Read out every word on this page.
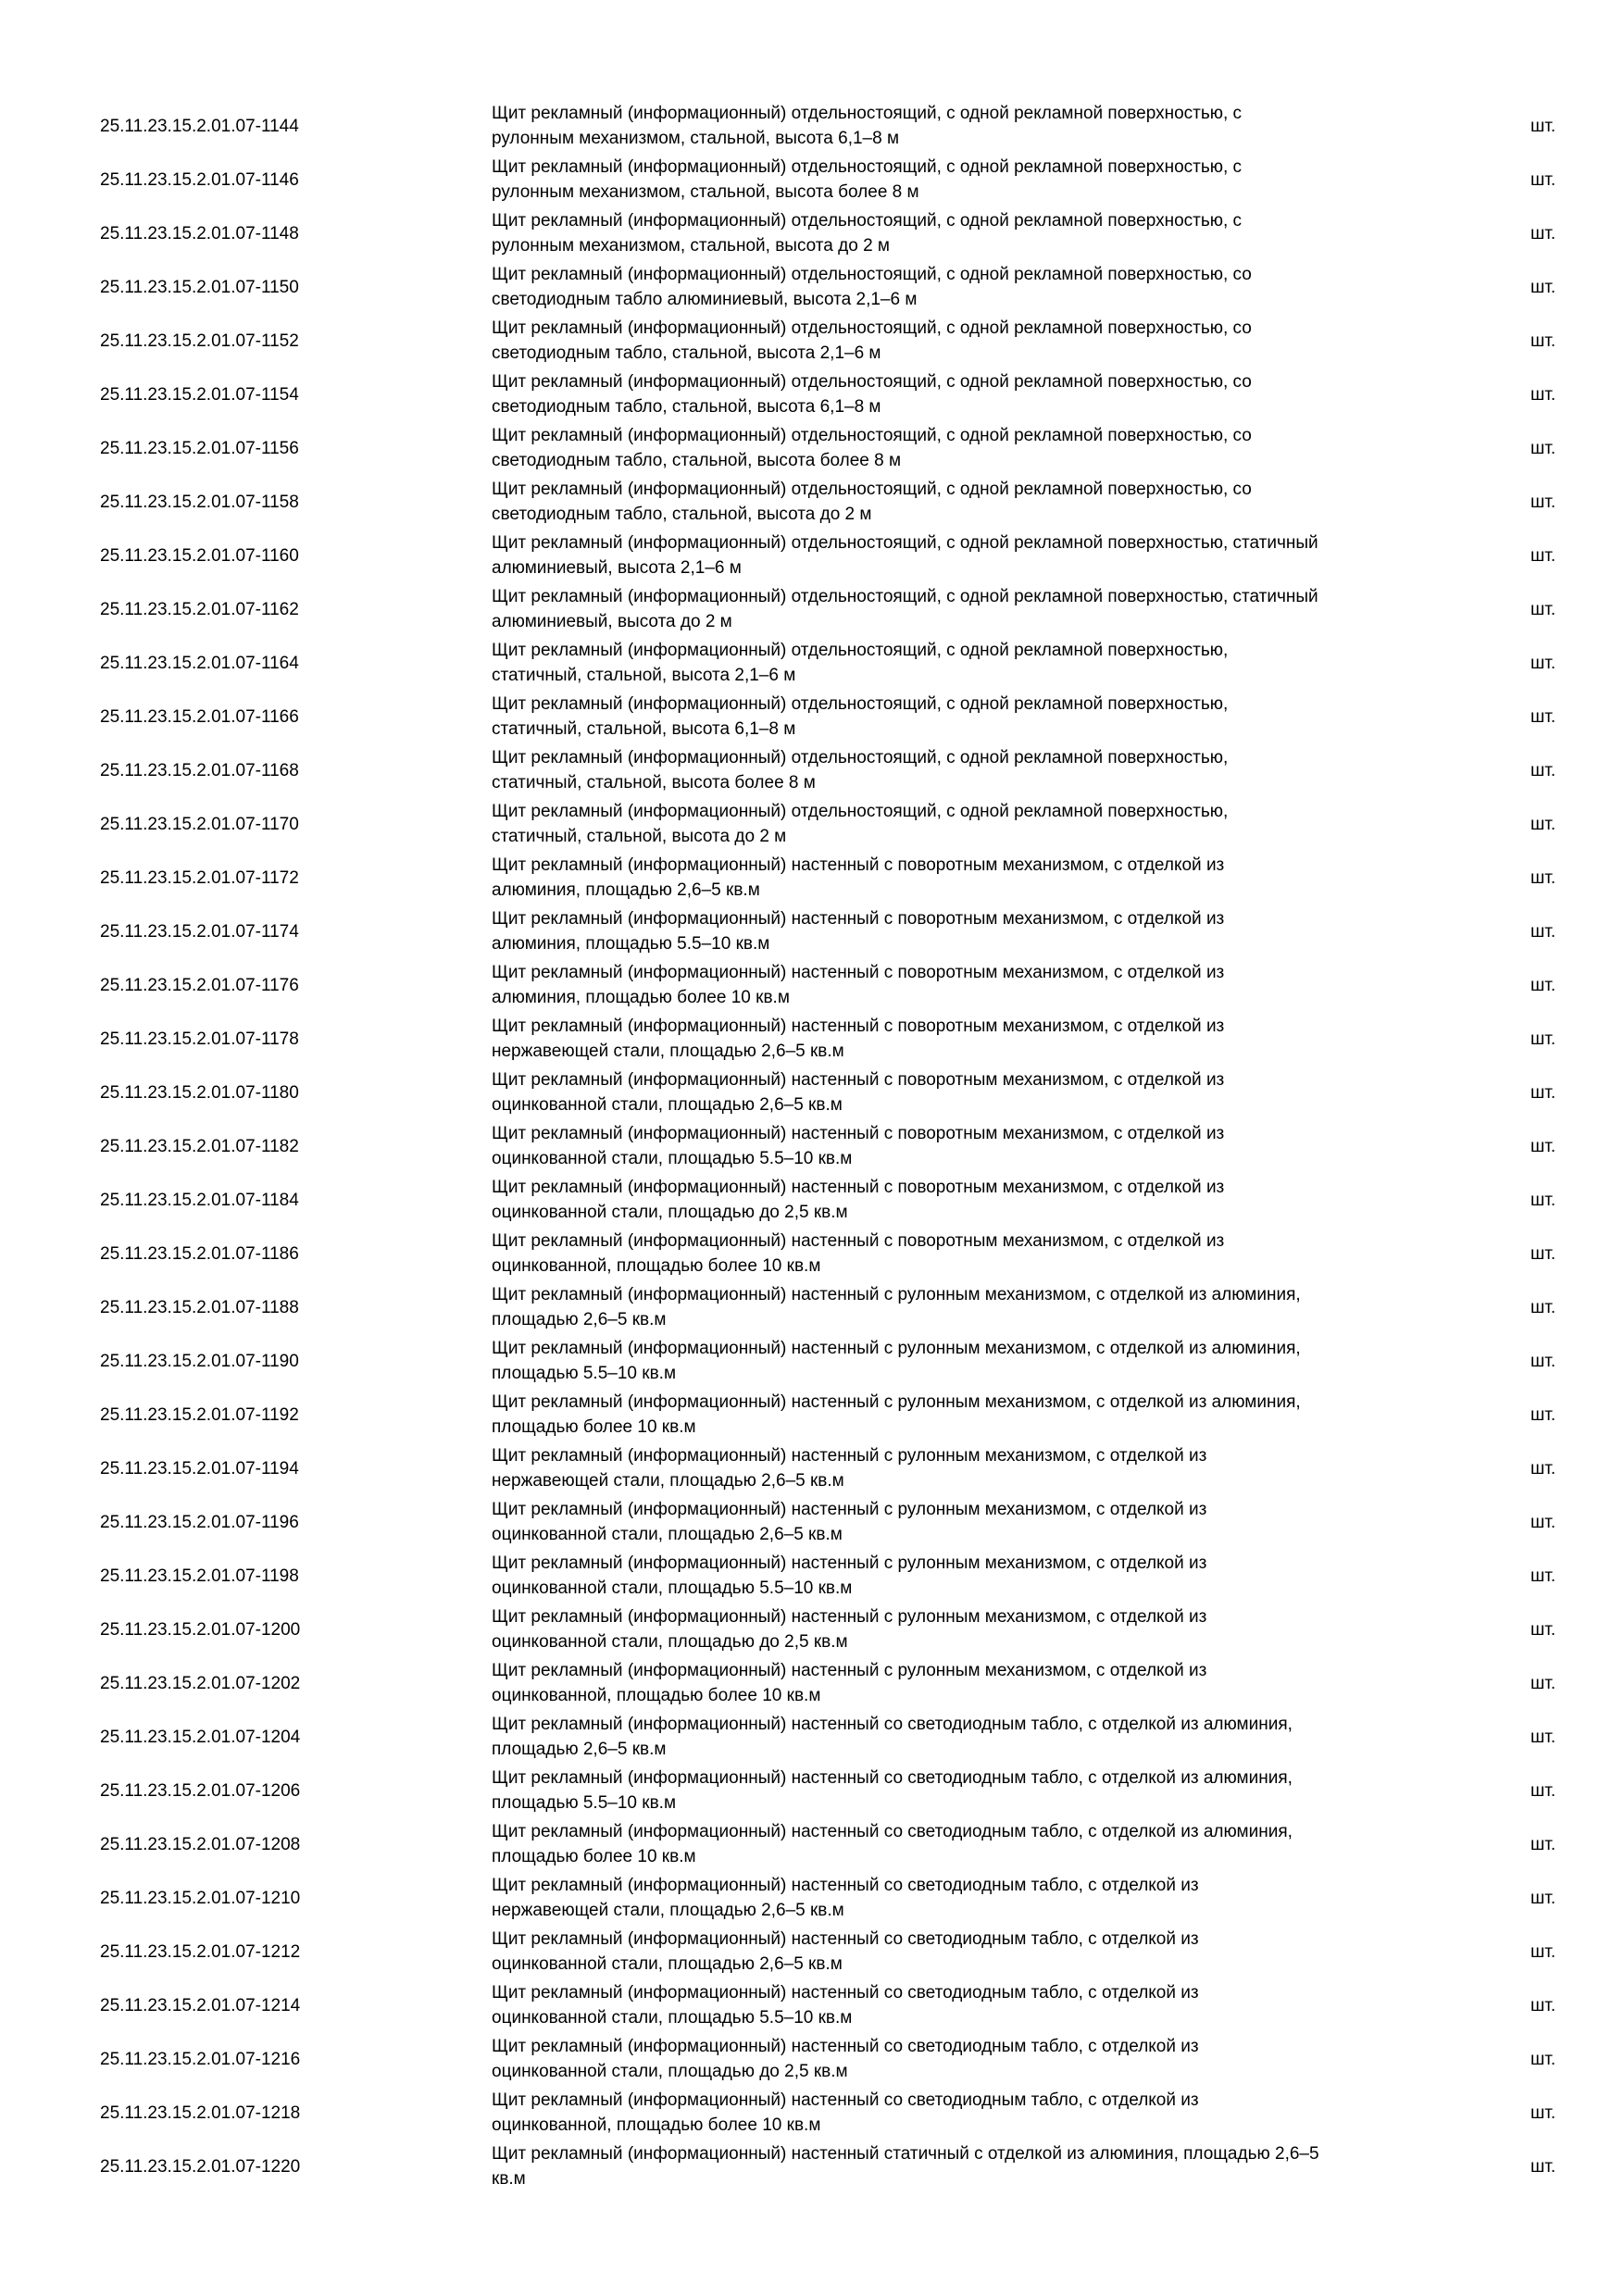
25.11.23.15.2.01.07-1144
Щит рекламный (информационный) отдельностоящий, с одной рекламной поверхностью, с
рулонным механизмом, стальной, высота 6,1–8 м
шт.
25.11.23.15.2.01.07-1146
Щит рекламный (информационный) отдельностоящий, с одной рекламной поверхностью, с
рулонным механизмом, стальной, высота более 8 м
шт.
25.11.23.15.2.01.07-1148
Щит рекламный (информационный) отдельностоящий, с одной рекламной поверхностью, с
рулонным механизмом, стальной, высота до 2 м
шт.
25.11.23.15.2.01.07-1150
Щит рекламный (информационный) отдельностоящий, с одной рекламной поверхностью, со
светодиодным табло алюминиевый, высота 2,1–6 м
шт.
25.11.23.15.2.01.07-1152
Щит рекламный (информационный) отдельностоящий, с одной рекламной поверхностью, со
светодиодным табло, стальной, высота 2,1–6 м
шт.
25.11.23.15.2.01.07-1154
Щит рекламный (информационный) отдельностоящий, с одной рекламной поверхностью, со
светодиодным табло, стальной, высота 6,1–8 м
шт.
25.11.23.15.2.01.07-1156
Щит рекламный (информационный) отдельностоящий, с одной рекламной поверхностью, со
светодиодным табло, стальной, высота более 8 м
шт.
25.11.23.15.2.01.07-1158
Щит рекламный (информационный) отдельностоящий, с одной рекламной поверхностью, со
светодиодным табло, стальной, высота до 2 м
шт.
25.11.23.15.2.01.07-1160
Щит рекламный (информационный) отдельностоящий, с одной рекламной поверхностью, статичный
алюминиевый, высота 2,1–6 м
шт.
25.11.23.15.2.01.07-1162
Щит рекламный (информационный) отдельностоящий, с одной рекламной поверхностью, статичный
алюминиевый, высота до 2 м
шт.
25.11.23.15.2.01.07-1164
Щит рекламный (информационный) отдельностоящий, с одной рекламной поверхностью,
статичный, стальной, высота 2,1–6 м
шт.
25.11.23.15.2.01.07-1166
Щит рекламный (информационный) отдельностоящий, с одной рекламной поверхностью,
статичный, стальной, высота 6,1–8 м
шт.
25.11.23.15.2.01.07-1168
Щит рекламный (информационный) отдельностоящий, с одной рекламной поверхностью,
статичный, стальной, высота более 8 м
шт.
25.11.23.15.2.01.07-1170
Щит рекламный (информационный) отдельностоящий, с одной рекламной поверхностью,
статичный, стальной, высота до 2 м
шт.
25.11.23.15.2.01.07-1172
Щит рекламный (информационный) настенный с поворотным механизмом, с отделкой из
алюминия, площадью 2,6–5 кв.м
шт.
25.11.23.15.2.01.07-1174
Щит рекламный (информационный) настенный с поворотным механизмом, с отделкой из
алюминия, площадью 5.5–10 кв.м
шт.
25.11.23.15.2.01.07-1176
Щит рекламный (информационный) настенный с поворотным механизмом, с отделкой из
алюминия, площадью более 10 кв.м
шт.
25.11.23.15.2.01.07-1178
Щит рекламный (информационный) настенный с поворотным механизмом, с отделкой из
нержавеющей стали, площадью 2,6–5 кв.м
шт.
25.11.23.15.2.01.07-1180
Щит рекламный (информационный) настенный с поворотным механизмом, с отделкой из
оцинкованной стали, площадью 2,6–5 кв.м
шт.
25.11.23.15.2.01.07-1182
Щит рекламный (информационный) настенный с поворотным механизмом, с отделкой из
оцинкованной стали, площадью 5.5–10 кв.м
шт.
25.11.23.15.2.01.07-1184
Щит рекламный (информационный) настенный с поворотным механизмом, с отделкой из
оцинкованной стали, площадью до 2,5 кв.м
шт.
25.11.23.15.2.01.07-1186
Щит рекламный (информационный) настенный с поворотным механизмом, с отделкой из
оцинкованной, площадью более 10 кв.м
шт.
25.11.23.15.2.01.07-1188
Щит рекламный (информационный) настенный с рулонным механизмом, с отделкой из алюминия,
площадью 2,6–5 кв.м
шт.
25.11.23.15.2.01.07-1190
Щит рекламный (информационный) настенный с рулонным механизмом, с отделкой из алюминия,
площадью 5.5–10 кв.м
шт.
25.11.23.15.2.01.07-1192
Щит рекламный (информационный) настенный с рулонным механизмом, с отделкой из алюминия,
площадью более 10 кв.м
шт.
25.11.23.15.2.01.07-1194
Щит рекламный (информационный) настенный с рулонным механизмом, с отделкой из
нержавеющей стали, площадью 2,6–5 кв.м
шт.
25.11.23.15.2.01.07-1196
Щит рекламный (информационный) настенный с рулонным механизмом, с отделкой из
оцинкованной стали, площадью 2,6–5 кв.м
шт.
25.11.23.15.2.01.07-1198
Щит рекламный (информационный) настенный с рулонным механизмом, с отделкой из
оцинкованной стали, площадью 5.5–10 кв.м
шт.
25.11.23.15.2.01.07-1200
Щит рекламный (информационный) настенный с рулонным механизмом, с отделкой из
оцинкованной стали, площадью до 2,5 кв.м
шт.
25.11.23.15.2.01.07-1202
Щит рекламный (информационный) настенный с рулонным механизмом, с отделкой из
оцинкованной, площадью более 10 кв.м
шт.
25.11.23.15.2.01.07-1204
Щит рекламный (информационный) настенный со светодиодным табло, с отделкой из алюминия,
площадью 2,6–5 кв.м
шт.
25.11.23.15.2.01.07-1206
Щит рекламный (информационный) настенный со светодиодным табло, с отделкой из алюминия,
площадью 5.5–10 кв.м
шт.
25.11.23.15.2.01.07-1208
Щит рекламный (информационный) настенный со светодиодным табло, с отделкой из алюминия,
площадью более 10 кв.м
шт.
25.11.23.15.2.01.07-1210
Щит рекламный (информационный) настенный со светодиодным табло, с отделкой из
нержавеющей стали, площадью 2,6–5 кв.м
шт.
25.11.23.15.2.01.07-1212
Щит рекламный (информационный) настенный со светодиодным табло, с отделкой из
оцинкованной стали, площадью 2,6–5 кв.м
шт.
25.11.23.15.2.01.07-1214
Щит рекламный (информационный) настенный со светодиодным табло, с отделкой из
оцинкованной стали, площадью 5.5–10 кв.м
шт.
25.11.23.15.2.01.07-1216
Щит рекламный (информационный) настенный со светодиодным табло, с отделкой из
оцинкованной стали, площадью до 2,5 кв.м
шт.
25.11.23.15.2.01.07-1218
Щит рекламный (информационный) настенный со светодиодным табло, с отделкой из
оцинкованной, площадью более 10 кв.м
шт.
25.11.23.15.2.01.07-1220
Щит рекламный (информационный) настенный статичный с отделкой из алюминия, площадью 2,6–5
кв.м
шт.
